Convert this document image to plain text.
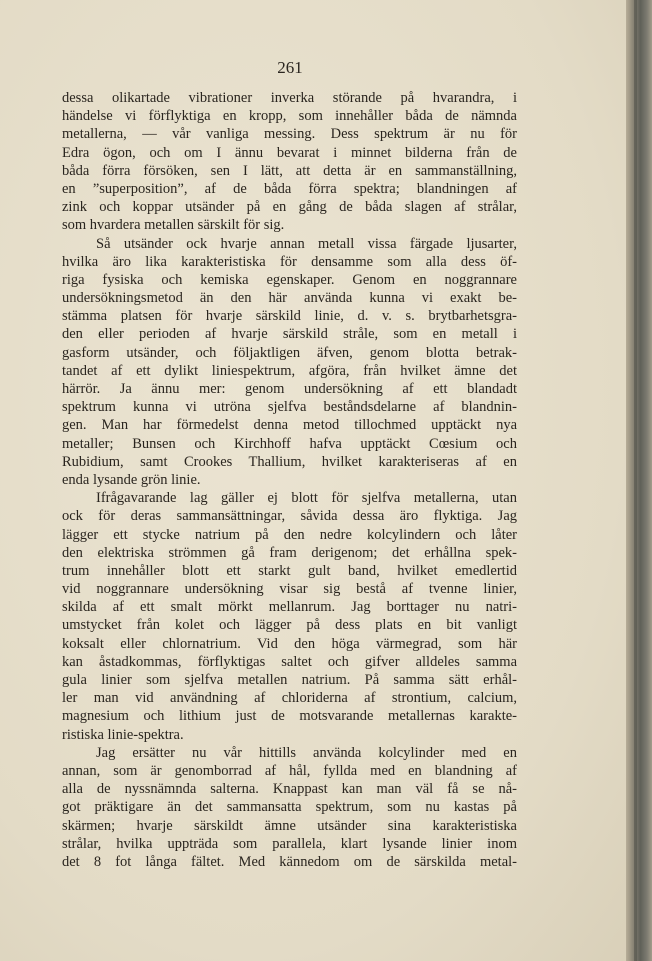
261
dessa olikartade vibrationer inverka störande på hvarandra, i
händelse vi förflyktiga en kropp, som innehåller båda de nämnda
metallerna, — vår vanliga messing. Dess spektrum är nu för
Edra ögon, och om I ännu bevarat i minnet bilderna från de
båda förra försöken, sen I lätt, att detta är en sammanställning,
en ”superposition”, af de båda förra spektra; blandningen af
zink och koppar utsänder på en gång de båda slagen af strålar,
som hvardera metallen särskilt för sig.
Så utsänder ock hvarje annan metall vissa färgade ljusarter,
hvilka äro lika karakteristiska för densamme som alla dess öf-
riga fysiska och kemiska egenskaper. Genom en noggrannare
undersökningsmetod än den här använda kunna vi exakt be-
stämma platsen för hvarje särskild linie, d. v. s. brytbarhetsgra-
den eller perioden af hvarje särskild stråle, som en metall i
gasform utsänder, och följaktligen äfven, genom blotta betrak-
tandet af ett dylikt liniespektrum, afgöra, från hvilket ämne det
härrör. Ja ännu mer: genom undersökning af ett blandadt
spektrum kunna vi utröna sjelfva beståndsdelarne af blandnin-
gen. Man har förmedelst denna metod tillochmed upptäckt nya
metaller; Bunsen och Kirchhoff hafva upptäckt Cœsium och
Rubidium, samt Crookes Thallium, hvilket karakteriseras af en
enda lysande grön linie.
Ifrågavarande lag gäller ej blott för sjelfva metallerna, utan
ock för deras sammansättningar, såvida dessa äro flyktiga. Jag
lägger ett stycke natrium på den nedre kolcylindern och låter
den elektriska strömmen gå fram derigenom; det erhållna spek-
trum innehåller blott ett starkt gult band, hvilket emedlertid
vid noggrannare undersökning visar sig bestå af tvenne linier,
skilda af ett smalt mörkt mellanrum. Jag borttager nu natri-
umstycket från kolet och lägger på dess plats en bit vanligt
koksalt eller chlornatrium. Vid den höga värmegrad, som här
kan åstadkommas, förflyktigas saltet och gifver alldeles samma
gula linier som sjelfva metallen natrium. På samma sätt erhål-
ler man vid användning af chloriderna af strontium, calcium,
magnesium och lithium just de motsvarande metallernas karakte-
ristiska linie-spektra.
Jag ersätter nu vår hittills använda kolcylinder med en
annan, som är genomborrad af hål, fyllda med en blandning af
alla de nyssnämnda salterna. Knappast kan man väl få se nå-
got präktigare än det sammansatta spektrum, som nu kastas på
skärmen; hvarje särskildt ämne utsänder sina karakteristiska
strålar, hvilka uppträda som parallela, klart lysande linier inom
det 8 fot långa fältet. Med kännedom om de särskilda metal-
